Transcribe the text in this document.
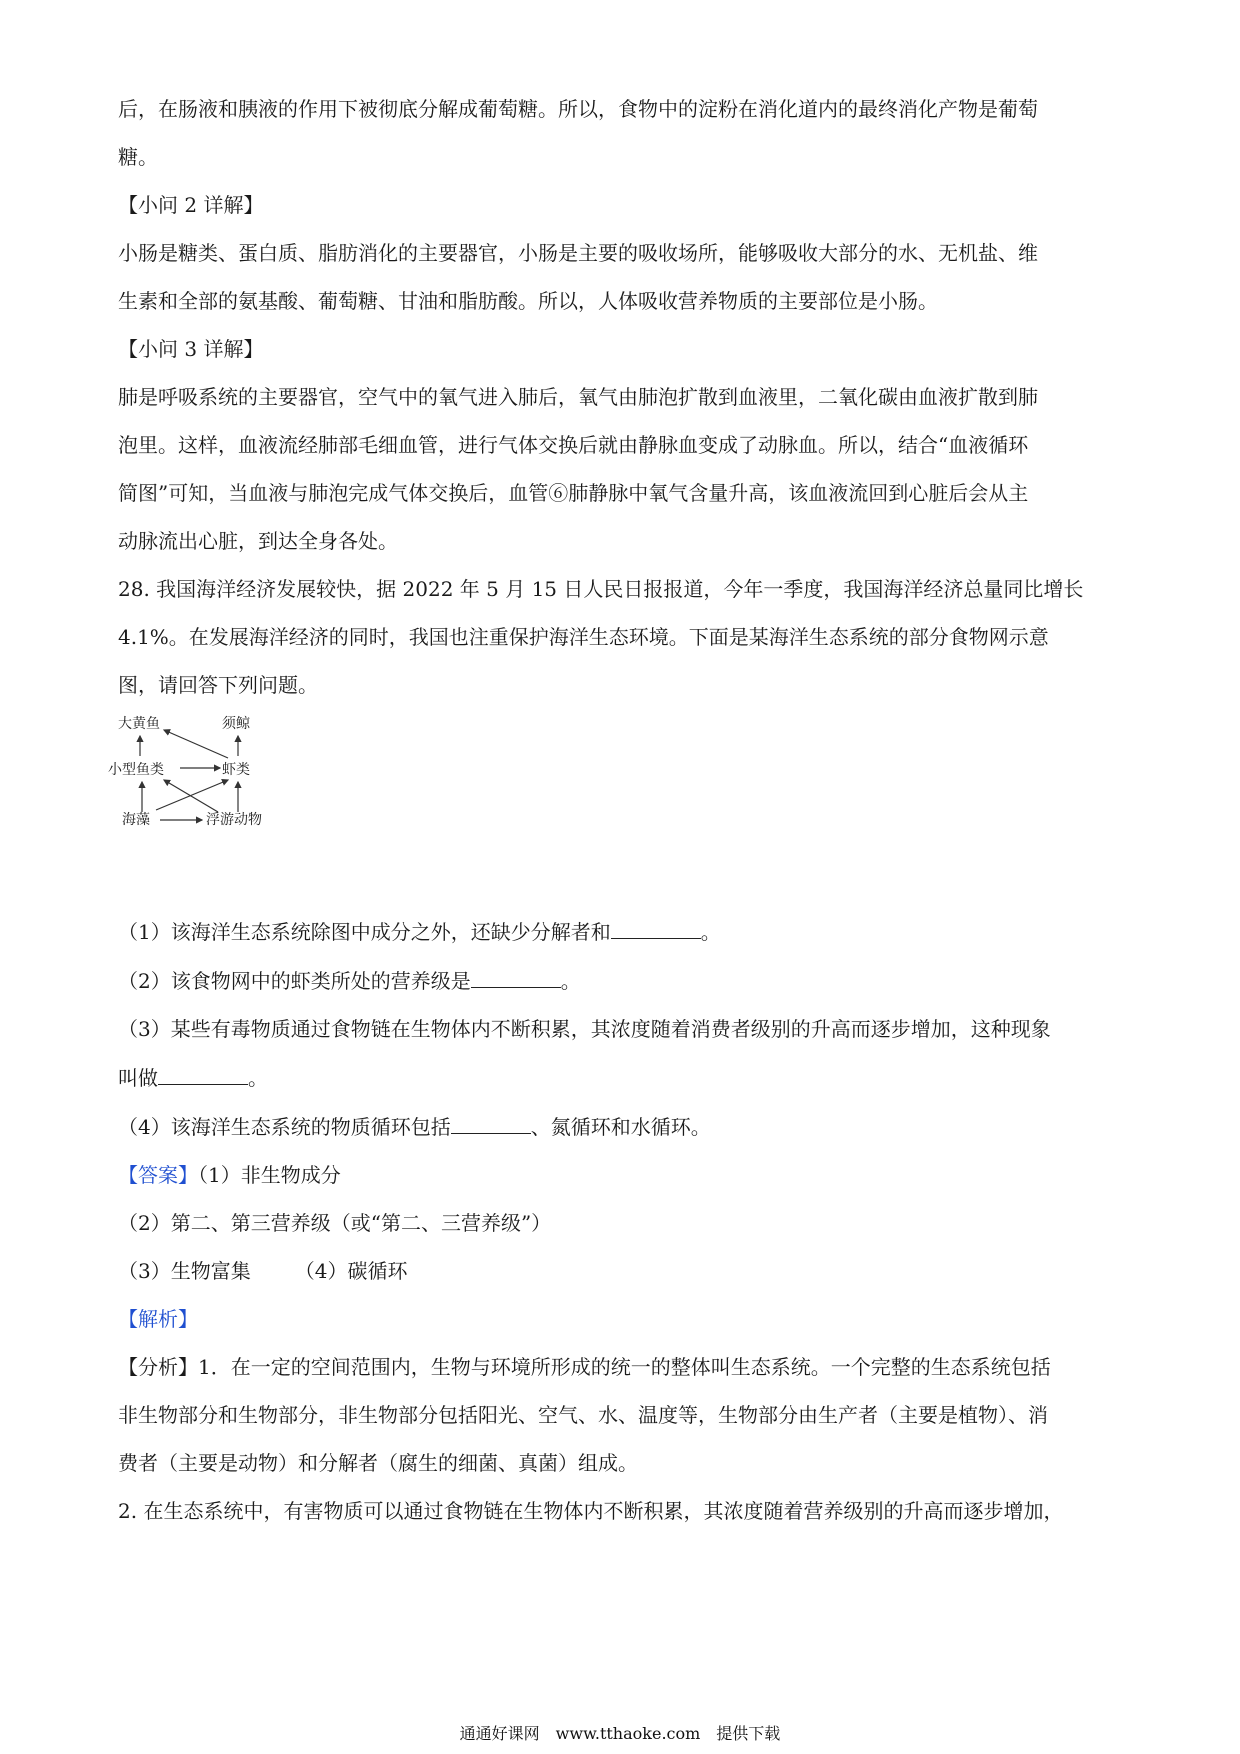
后，在肠液和胰液的作用下被彻底分解成葡萄糖。所以，食物中的淀粉在消化道内的最终消化产物是葡萄
糖。
【小问 2 详解】
小肠是糖类、蛋白质、脂肪消化的主要器官，小肠是主要的吸收场所，能够吸收大部分的水、无机盐、维
生素和全部的氨基酸、葡萄糖、甘油和脂肪酸。所以，人体吸收营养物质的主要部位是小肠。
【小问 3 详解】
肺是呼吸系统的主要器官，空气中的氧气进入肺后，氧气由肺泡扩散到血液里，二氧化碳由血液扩散到肺
泡里。这样，血液流经肺部毛细血管，进行气体交换后就由静脉血变成了动脉血。所以，结合“血液循环
简图”可知，当血液与肺泡完成气体交换后，血管⑥肺静脉中氧气含量升高，该血液流回到心脏后会从主
动脉流出心脏，到达全身各处。
28. 我国海洋经济发展较快，据 2022 年 5 月 15 日人民日报报道，今年一季度，我国海洋经济总量同比增长
4.1%。在发展海洋经济的同时，我国也注重保护海洋生态环境。下面是某海洋生态系统的部分食物网示意
图，请回答下列问题。
大黄鱼	须鲸
小型鱼类	虾类
海藻	浮游动物
（1）该海洋生态系统除图中成分之外，还缺少分解者和	。
（2）该食物网中的虾类所处的营养级是	。
（3）某些有毒物质通过食物链在生物体内不断积累，其浓度随着消费者级别的升高而逐步增加，这种现象
叫做	。
（4）该海洋生态系统的物质循环包括	、氮循环和水循环。
【答案】（1）非生物成分
（2）第二、第三营养级（或“第二、三营养级”）
（3）生物富集 （4）碳循环
【解析】
【分析】1．在一定的空间范围内，生物与环境所形成的统一的整体叫生态系统。一个完整的生态系统包括
非生物部分和生物部分，非生物部分包括阳光、空气、水、温度等，生物部分由生产者（主要是植物）、消
费者（主要是动物）和分解者（腐生的细菌、真菌）组成。
2. 在生态系统中，有害物质可以通过食物链在生物体内不断积累，其浓度随着营养级别的升高而逐步增加，
通通好课网　www.tthaoke.com　提供下载
